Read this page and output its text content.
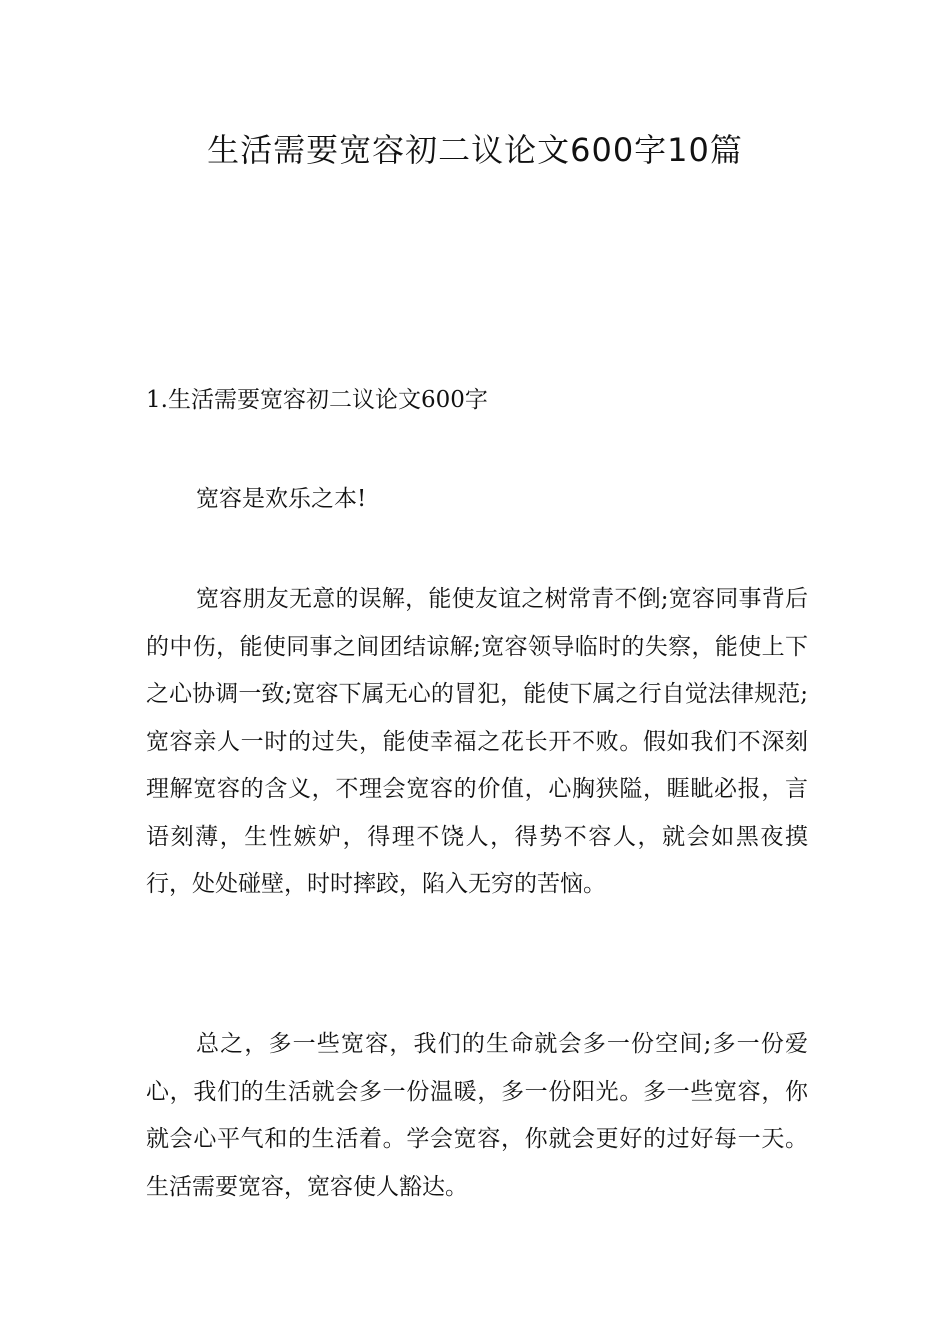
生活需要宽容初二议论文600字10篇

1.生活需要宽容初二议论文600字

宽容是欢乐之本!

宽容朋友无意的误解，能使友谊之树常青不倒;宽容同事背后的中伤，能使同事之间团结谅解;宽容领导临时的失察，能使上下之心协调一致;宽容下属无心的冒犯，能使下属之行自觉法律规范;宽容亲人一时的过失，能使幸福之花长开不败。假如我们不深刻理解宽容的含义，不理会宽容的价值，心胸狭隘，睚眦必报，言语刻薄，生性嫉妒，得理不饶人，得势不容人，就会如黑夜摸行，处处碰壁，时时摔跤，陷入无穷的苦恼。

总之，多一些宽容，我们的生命就会多一份空间;多一份爱心，我们的生活就会多一份温暖，多一份阳光。多一些宽容，你就会心平气和的生活着。学会宽容，你就会更好的过好每一天。生活需要宽容，宽容使人豁达。
